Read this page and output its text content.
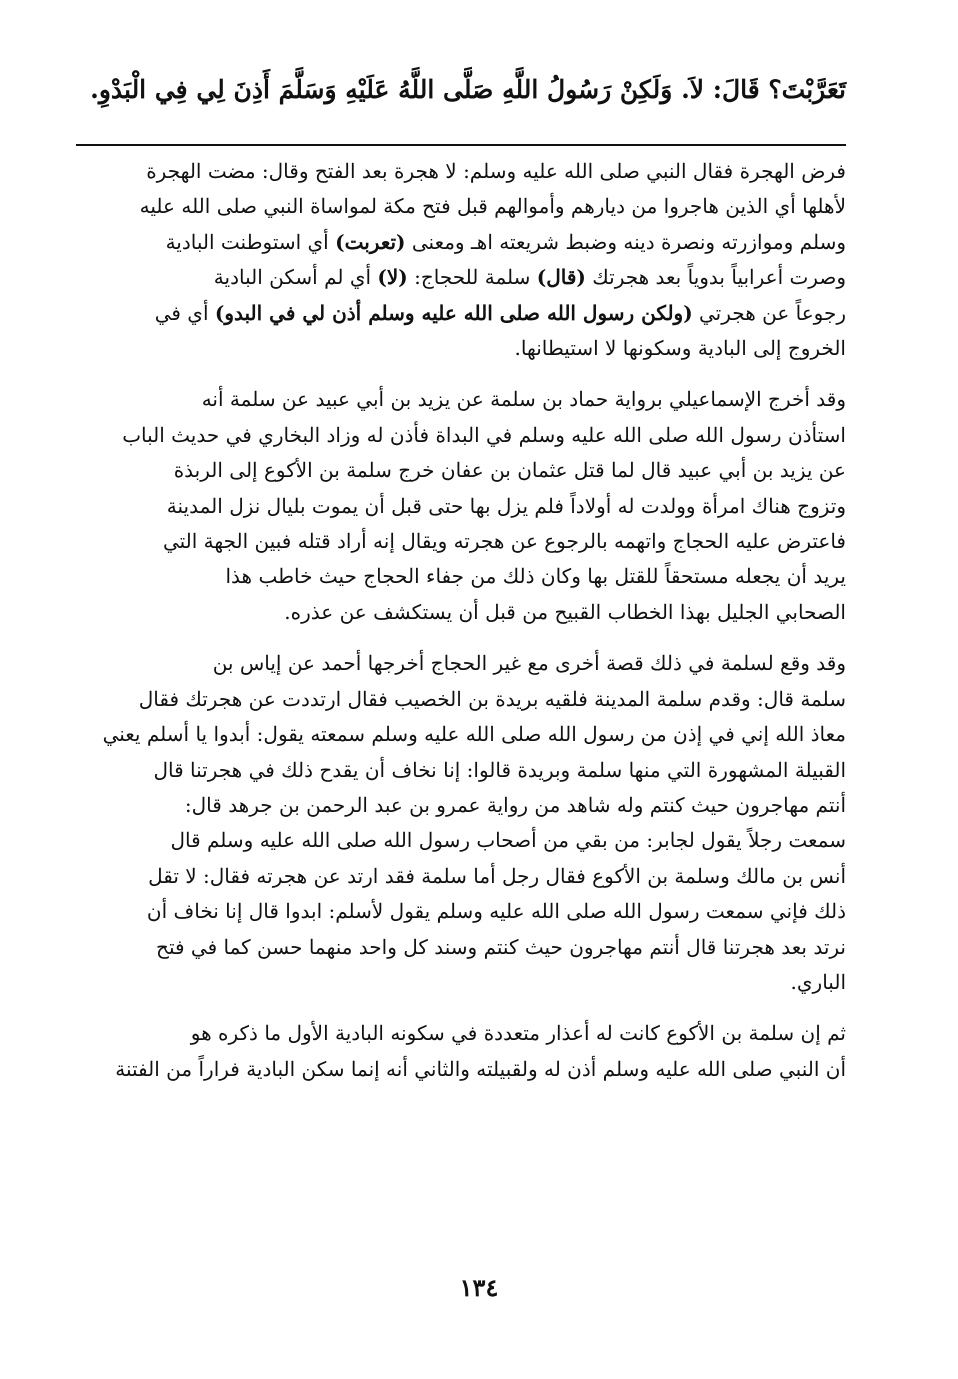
تَعَرَّبْتَ؟ قَالَ: لاَ. وَلَكِنْ رَسُولُ اللَّهِ صَلَّى اللَّهُ عَلَيْهِ وَسَلَّمَ أَذِنَ لِي فِي الْبَدْوِ.

فرض الهجرة فقال النبي صلى الله عليه وسلم: لا هجرة بعد الفتح وقال: مضت الهجرة
لأهلها أي الذين هاجروا من ديارهم وأموالهم قبل فتح مكة لمواساة النبي صلى الله عليه
وسلم وموازرته ونصرة دينه وضبط شريعته اهـ ومعنى (تعربت) أي استوطنت البادية
وصرت أعرابياً بدوياً بعد هجرتك (قال) سلمة للحجاج: (لا) أي لم أسكن البادية
رجوعاً عن هجرتي (ولكن رسول الله صلى الله عليه وسلم أذن لي في البدو) أي في
الخروج إلى البادية وسكونها لا استيطانها.

وقد أخرج الإسماعيلي برواية حماد بن سلمة عن يزيد بن أبي عبيد عن سلمة أنه
استأذن رسول الله صلى الله عليه وسلم في البداة فأذن له وزاد البخاري في حديث الباب
عن يزيد بن أبي عبيد قال لما قتل عثمان بن عفان خرج سلمة بن الأكوع إلى الربذة
وتزوج هناك امرأة وولدت له أولاداً فلم يزل بها حتى قبل أن يموت بليال نزل المدينة
فاعترض عليه الحجاج واتهمه بالرجوع عن هجرته ويقال إنه أراد قتله فبين الجهة التي
يريد أن يجعله مستحقاً للقتل بها وكان ذلك من جفاء الحجاج حيث خاطب هذا
الصحابي الجليل بهذا الخطاب القبيح من قبل أن يستكشف عن عذره.

وقد وقع لسلمة في ذلك قصة أخرى مع غير الحجاج أخرجها أحمد عن إياس بن
سلمة قال: وقدم سلمة المدينة فلقيه بريدة بن الخصيب فقال ارتددت عن هجرتك فقال
معاذ الله إني في إذن من رسول الله صلى الله عليه وسلم سمعته يقول: أبدوا يا أسلم يعني
القبيلة المشهورة التي منها سلمة وبريدة قالوا: إنا نخاف أن يقدح ذلك في هجرتنا قال
أنتم مهاجرون حيث كنتم وله شاهد من رواية عمرو بن عبد الرحمن بن جرهد قال:
سمعت رجلاً يقول لجابر: من بقي من أصحاب رسول الله صلى الله عليه وسلم قال
أنس بن مالك وسلمة بن الأكوع فقال رجل أما سلمة فقد ارتد عن هجرته فقال: لا تقل
ذلك فإني سمعت رسول الله صلى الله عليه وسلم يقول لأسلم: ابدوا قال إنا نخاف أن
نرتد بعد هجرتنا قال أنتم مهاجرون حيث كنتم وسند كل واحد منهما حسن كما في فتح
الباري.

ثم إن سلمة بن الأكوع كانت له أعذار متعددة في سكونه البادية الأول ما ذكره هو
أن النبي صلى الله عليه وسلم أذن له ولقبيلته والثاني أنه إنما سكن البادية فراراً من الفتنة

١٣٤
